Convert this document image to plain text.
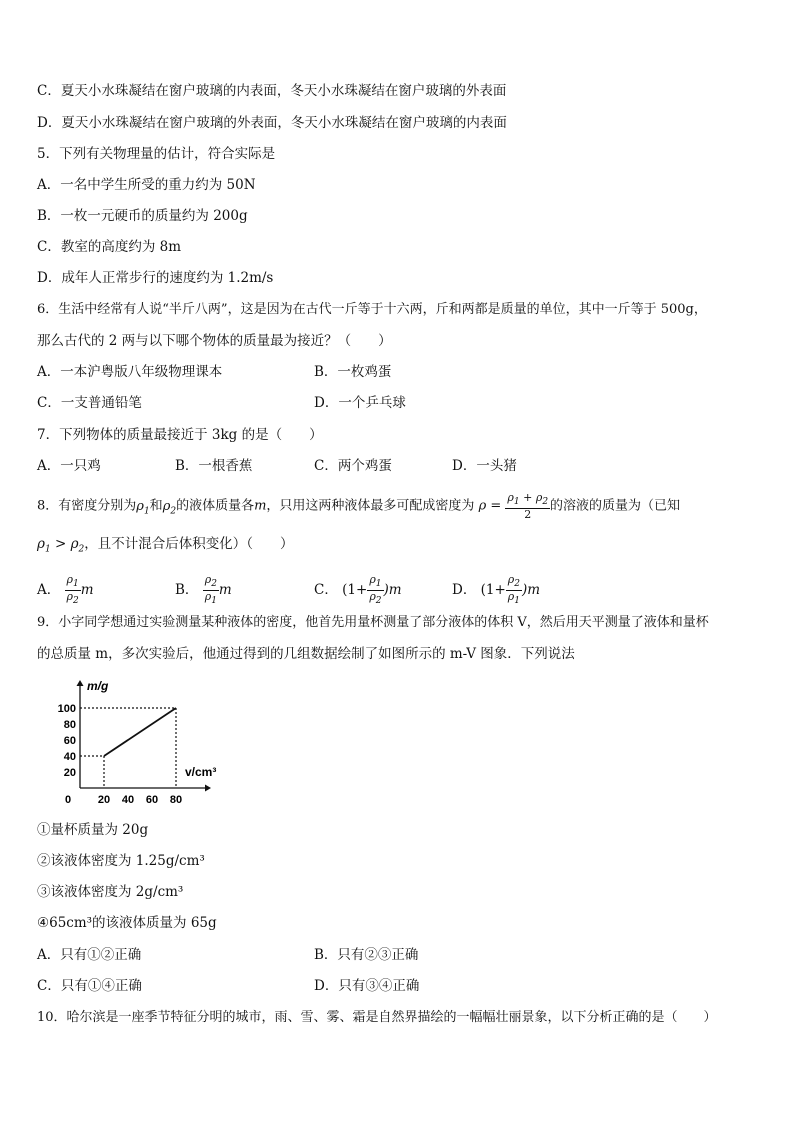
C．夏天小水珠凝结在窗户玻璃的内表面，冬天小水珠凝结在窗户玻璃的外表面
D．夏天小水珠凝结在窗户玻璃的外表面，冬天小水珠凝结在窗户玻璃的内表面
5．下列有关物理量的估计，符合实际是
A．一名中学生所受的重力约为 50N
B．一枚一元硬币的质量约为 200g
C．教室的高度约为 8m
D．成年人正常步行的速度约为 1.2m/s
6．生活中经常有人说“半斤八两”，这是因为在古代一斤等于十六两，斤和两都是质量的单位，其中一斤等于 500g，
那么古代的 2 两与以下哪个物体的质量最为接近？（　　）
A．一本沪粤版八年级物理课本	B．一枚鸡蛋
C．一支普通铅笔	D．一个乒乓球
7．下列物体的质量最接近于 3kg 的是（　　）
A．一只鸡	B．一根香蕉	C．两个鸡蛋	D．一头猪
8．有密度分别为$\rho_1$和$\rho_2$的液体质量各m，只用这两种液体最多可配成密度为 $\rho = \frac{\rho_1 + \rho_2}{2}$ 的溶液的质量为（已知
$\rho_1 > \rho_2$，且不计混合后体积变化）（　　）
A． $\frac{\rho_1}{\rho_2}$ m	B． $\frac{\rho_2}{\rho_1}$ m	C． $(1+ \frac{\rho_1}{\rho_2} )m$	D． $(1+ \frac{\rho_2}{\rho_1} )m$
9．小字同学想通过实验测量某种液体的密度，他首先用量杯测量了部分液体的体积 V，然后用天平测量了液体和量杯
的总质量 m，多次实验后，他通过得到的几组数据绘制了如图所示的 m-V 图象．下列说法
m/g
v/cm³
20
40
60
80
100
0 20 40 60 80
①量杯质量为 20g
②该液体密度为 1.25g/cm³
③该液体密度为 2g/cm³
④65cm³的该液体质量为 65g
A．只有①②正确	B．只有②③正确
C．只有①④正确	D．只有③④正确
10．哈尔滨是一座季节特征分明的城市，雨、雪、雾、霜是自然界描绘的一幅幅壮丽景象，以下分析正确的是（　　）
